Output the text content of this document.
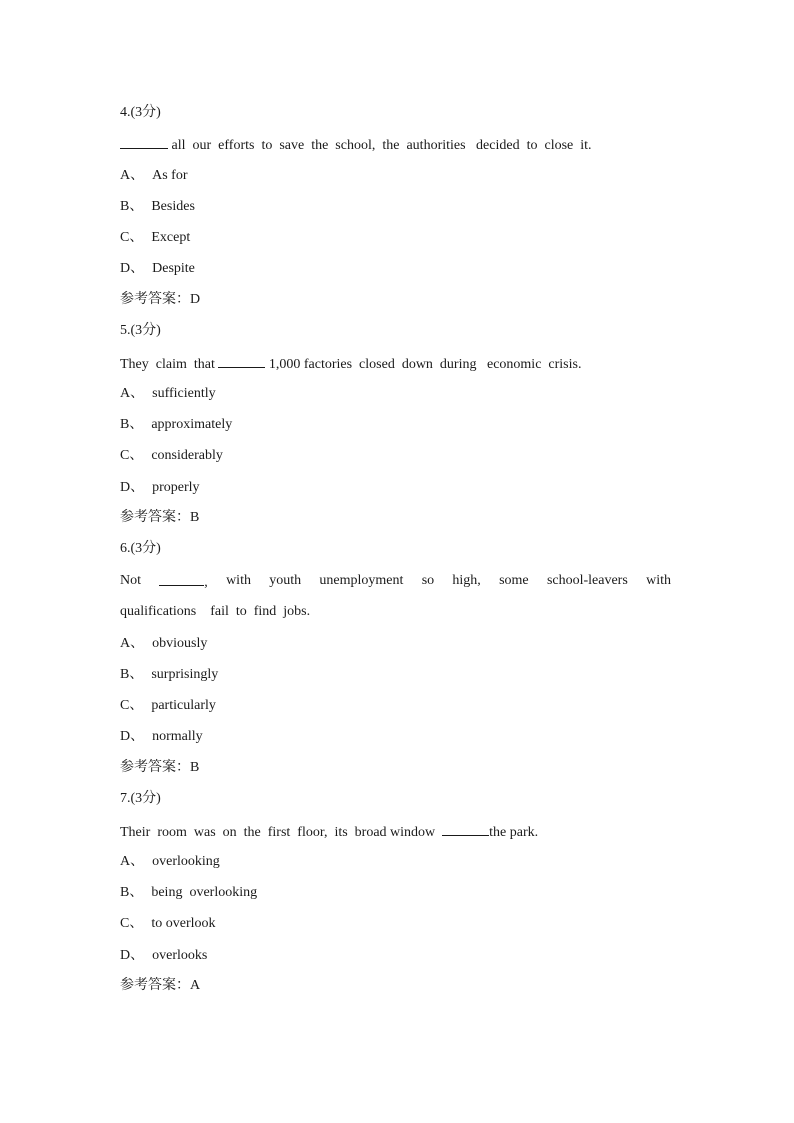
4.(3分)
all  our  efforts  to  save  the  school,  the  authorities   decided  to  close  it.
A、 As for
B、 Besides
C、 Except
D、 Despite
参考答案：D
5.(3分)
They  claim  that	1,000 factories  closed  down  during   economic  crisis.
A、 sufficiently
B、 approximately
C、 considerably
D、 properly
参考答案：B
6.(3分)
Not	, with youth unemployment so high, some school-leavers with
qualifications    fail  to  find  jobs.
A、 obviously
B、 surprisingly
C、 particularly
D、 normally
参考答案：B
7.(3分)
Their  room  was  on  the  first  floor,  its  broad window	the park.
A、 overlooking
B、 being  overlooking
C、 to overlook
D、 overlooks
参考答案：A
